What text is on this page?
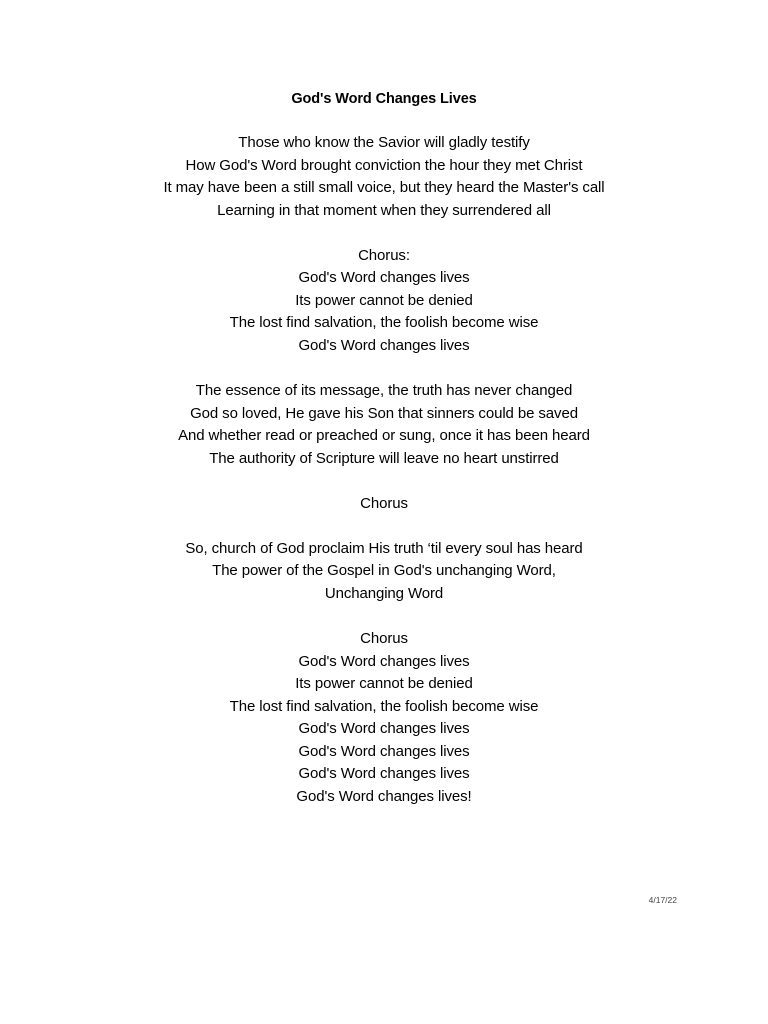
God's Word Changes Lives
Those who know the Savior will gladly testify
How God's Word brought conviction the hour they met Christ
It may have been a still small voice, but they heard the Master's call
Learning in that moment when they surrendered all
Chorus:
God's Word changes lives
Its power cannot be denied
The lost find salvation, the foolish become wise
God's Word changes lives
The essence of its message, the truth has never changed
God so loved, He gave his Son that sinners could be saved
And whether read or preached or sung, once it has been heard
The authority of Scripture will leave no heart unstirred
Chorus
So, church of God proclaim His truth ‘til every soul has heard
The power of the Gospel in God's unchanging Word,
Unchanging Word
Chorus
God's Word changes lives
Its power cannot be denied
The lost find salvation, the foolish become wise
God's Word changes lives
God's Word changes lives
God's Word changes lives
God's Word changes lives!
4/17/22
